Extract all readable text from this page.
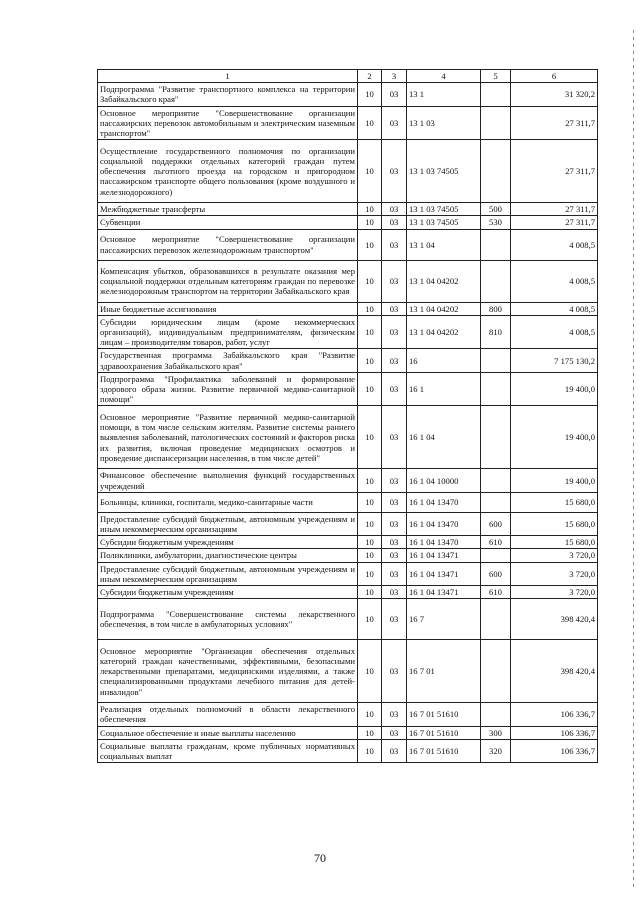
1	2	3	4	5	6
Подпрограмма "Развитие транспортного комплекса на территории Забайкальского края"	10	03	13 1		31 320,2
Основное мероприятие "Совершенствование организации пассажирских перевозок автомобильным и электрическим наземным транспортом"	10	03	13 1 03		27 311,7
Осуществление государственного полномочия по организации социальной поддержки отдельных категорий граждан путем обеспечения льготного проезда на городском и пригородном пассажирском транспорте общего пользования (кроме воздушного и железнодорожного)	10	03	13 1 03 74505		27 311,7
Межбюджетные трансферты	10	03	13 1 03 74505	500	27 311,7
Субвенции	10	03	13 1 03 74505	530	27 311,7
Основное мероприятие "Совершенствование организации пассажирских перевозок железнодорожным транспортом"	10	03	13 1 04		4 008,5
Компенсация убытков, образовавшихся в результате оказания мер социальной поддержки отдельным категориям граждан по перевозке железнодорожным транспортом на территории Забайкальского края	10	03	13 1 04 04202		4 008,5
Иные бюджетные ассигнования	10	03	13 1 04 04202	800	4 008,5
Субсидии юридическим лицам (кроме некоммерческих организаций), индивидуальным предпринимателям, физическим лицам – производителям товаров, работ, услуг	10	03	13 1 04 04202	810	4 008,5
Государственная программа Забайкальского края "Развитие здравоохранения Забайкальского края"	10	03	16		7 175 130,2
Подпрограмма "Профилактика заболеваний и формирование здорового образа жизни. Развитие первичной медико-санитарной помощи"	10	03	16 1		19 400,0
Основное мероприятие "Развитие первичной медико-санитарной помощи, в том числе сельским жителям. Развитие системы раннего выявления заболеваний, патологических состояний и факторов риска их развития, включая проведение медицинских осмотров и проведение диспансеризации населения, в том числе детей"	10	03	16 1 04		19 400,0
Финансовое обеспечение выполнения функций государственных учреждений	10	03	16 1 04 10000		19 400,0
Больницы, клиники, госпитали, медико-санитарные части	10	03	16 1 04 13470		15 680,0
Предоставление субсидий бюджетным, автономным учреждениям и иным некоммерческим организациям	10	03	16 1 04 13470	600	15 680,0
Субсидии бюджетным учреждениям	10	03	16 1 04 13470	610	15 680,0
Поликлиники, амбулатории, диагностические центры	10	03	16 1 04 13471		3 720,0
Предоставление субсидий бюджетным, автономным учреждениям и иным некоммерческим организациям	10	03	16 1 04 13471	600	3 720,0
Субсидии бюджетным учреждениям	10	03	16 1 04 13471	610	3 720,0
Подпрограмма "Совершенствование системы лекарственного обеспечения, в том числе в амбулаторных условиях"	10	03	16 7		398 420,4
Основное мероприятие "Организация обеспечения отдельных категорий граждан качественными, эффективными, безопасными лекарственными препаратами, медицинскими изделиями, а также специализированными продуктами лечебного питания для детей-инвалидов"	10	03	16 7 01		398 420,4
Реализация отдельных полномочий в области лекарственного обеспечения	10	03	16 7 01 51610		106 336,7
Социальное обеспечение и иные выплаты населению	10	03	16 7 01 51610	300	106 336,7
Социальные выплаты гражданам, кроме публичных нормативных социальных выплат	10	03	16 7 01 51610	320	106 336,7
70
